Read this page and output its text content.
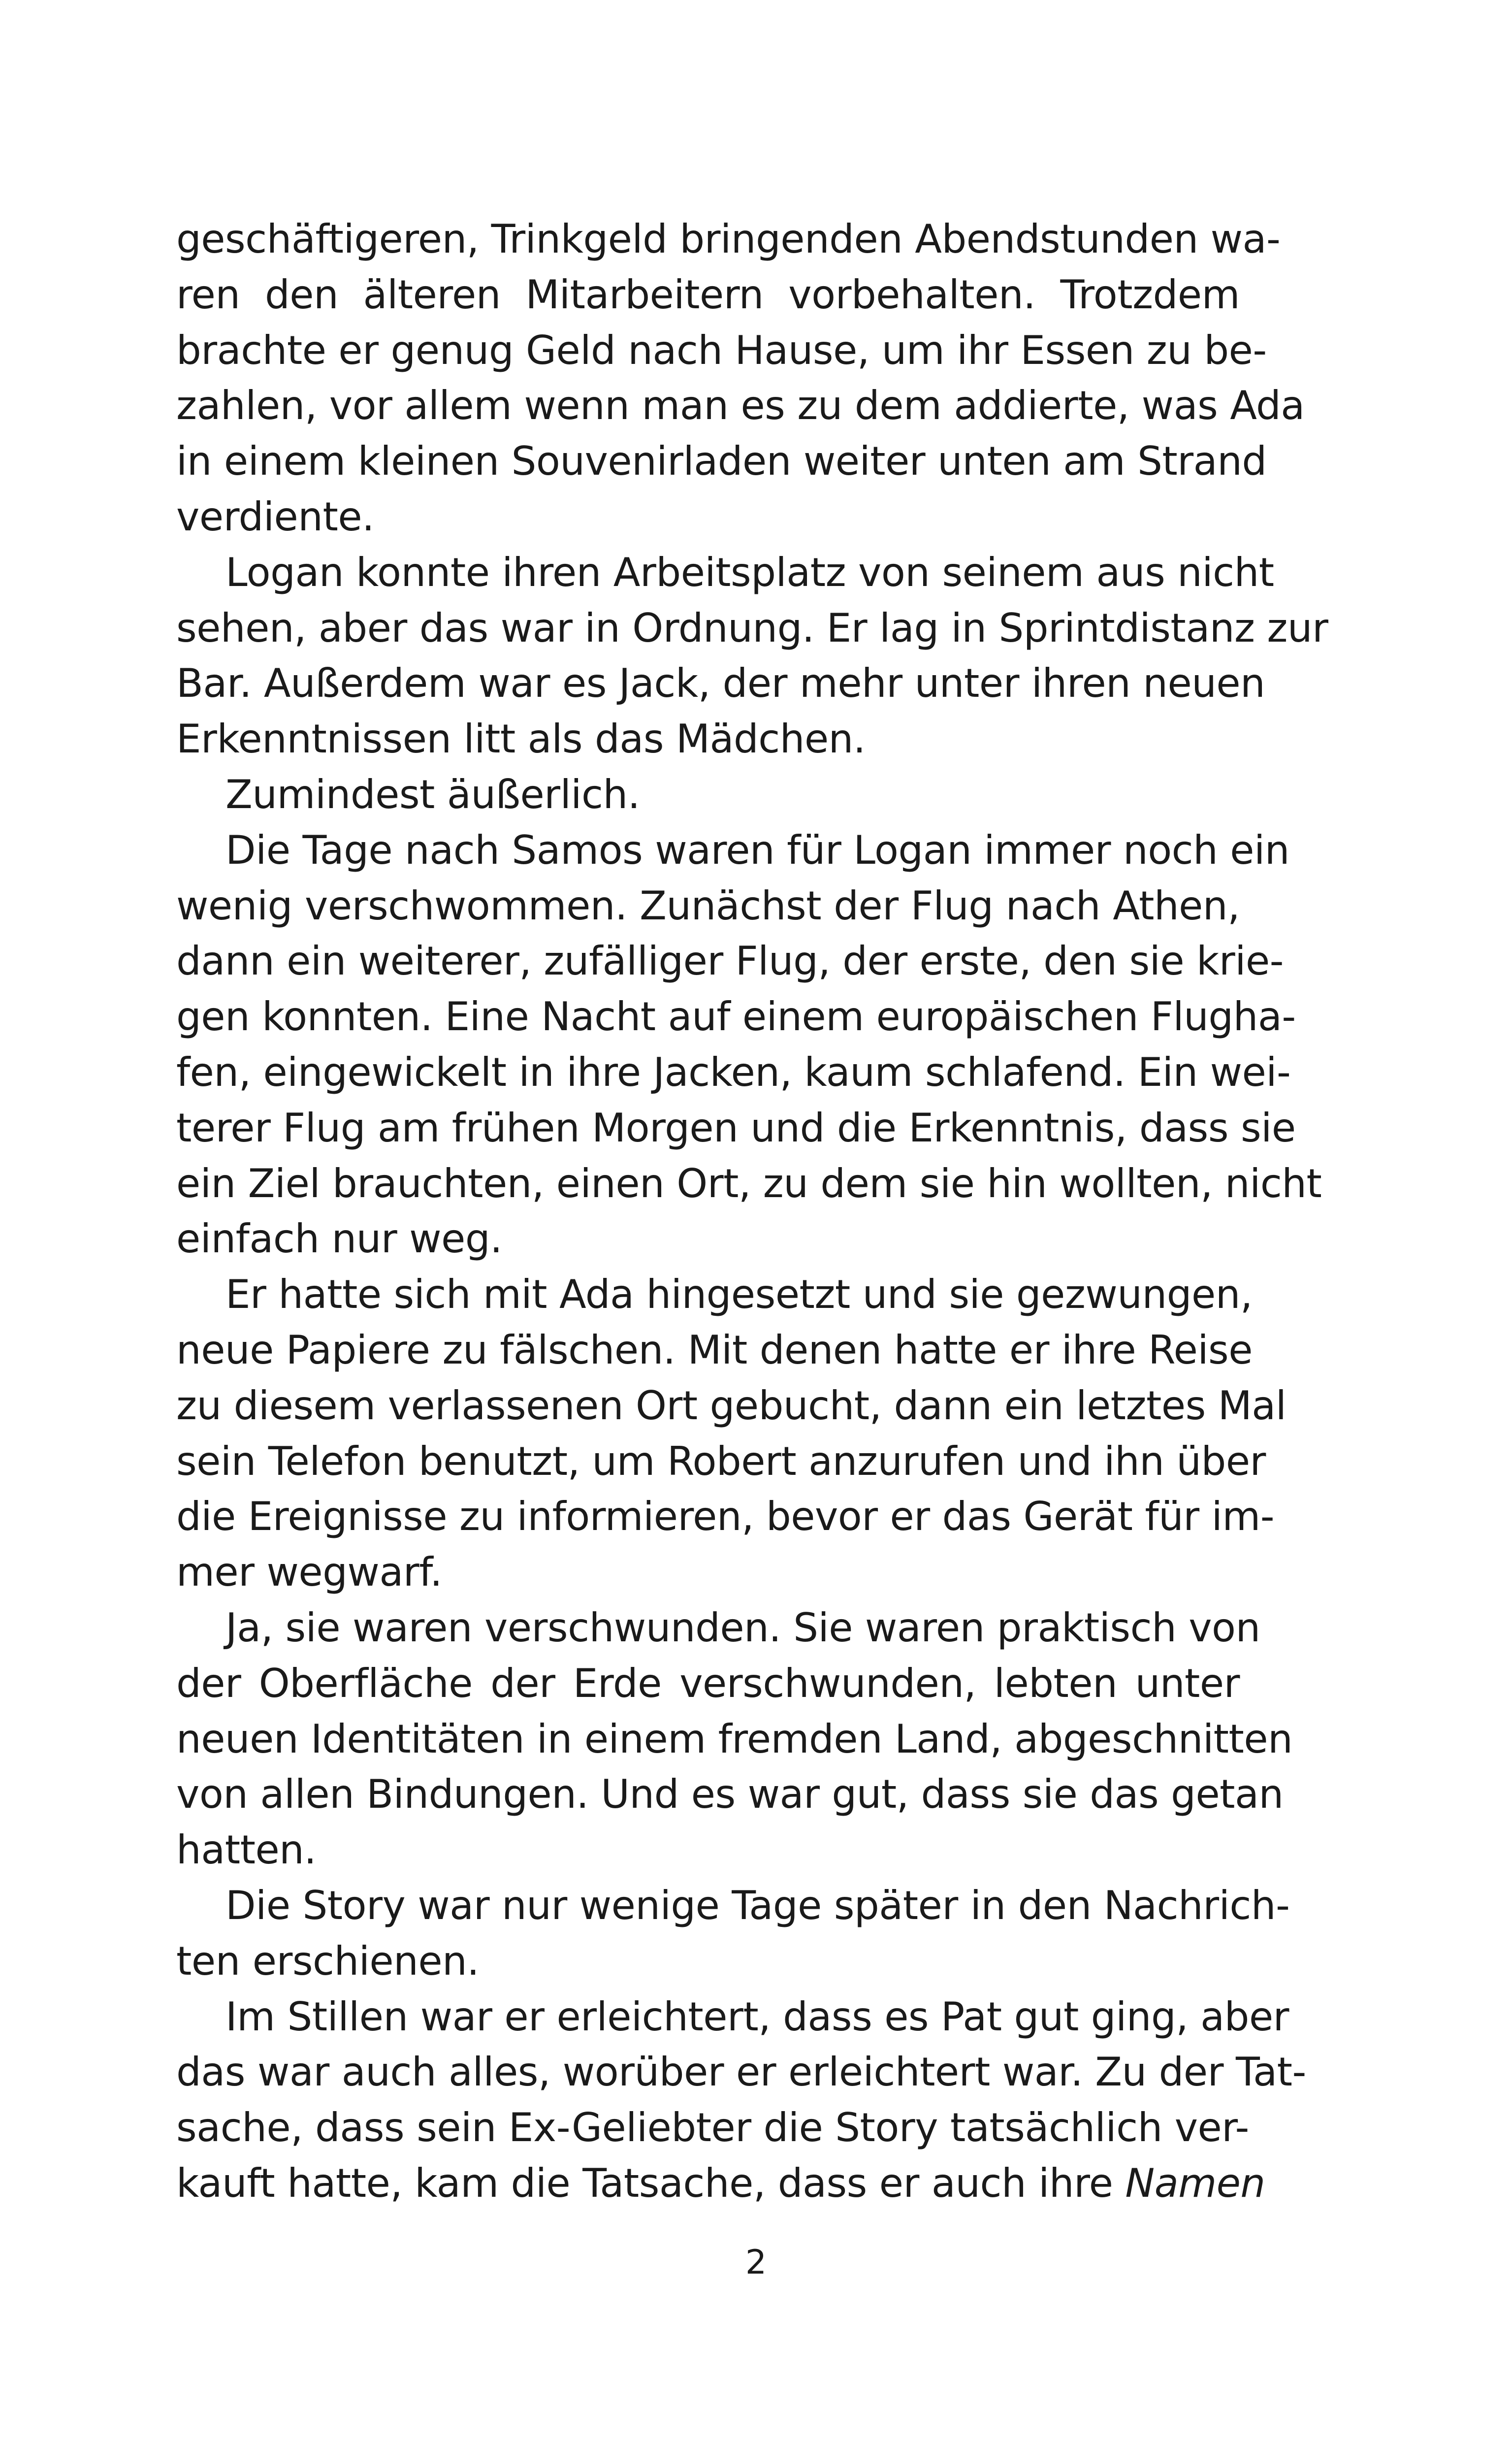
geschäftigeren, Trinkgeld bringenden Abendstunden wa-
ren den älteren Mitarbeitern vorbehalten. Trotzdem
brachte er genug Geld nach Hause, um ihr Essen zu be-
zahlen, vor allem wenn man es zu dem addierte, was Ada
in einem kleinen Souvenirladen weiter unten am Strand
verdiente.
Logan konnte ihren Arbeitsplatz von seinem aus nicht
sehen, aber das war in Ordnung. Er lag in Sprintdistanz zur
Bar. Außerdem war es Jack, der mehr unter ihren neuen
Erkenntnissen litt als das Mädchen.
Zumindest äußerlich.
Die Tage nach Samos waren für Logan immer noch ein
wenig verschwommen. Zunächst der Flug nach Athen,
dann ein weiterer, zufälliger Flug, der erste, den sie krie-
gen konnten. Eine Nacht auf einem europäischen Flugha-
fen, eingewickelt in ihre Jacken, kaum schlafend. Ein wei-
terer Flug am frühen Morgen und die Erkenntnis, dass sie
ein Ziel brauchten, einen Ort, zu dem sie hin wollten, nicht
einfach nur weg.
Er hatte sich mit Ada hingesetzt und sie gezwungen,
neue Papiere zu fälschen. Mit denen hatte er ihre Reise
zu diesem verlassenen Ort gebucht, dann ein letztes Mal
sein Telefon benutzt, um Robert anzurufen und ihn über
die Ereignisse zu informieren, bevor er das Gerät für im-
mer wegwarf.
Ja, sie waren verschwunden. Sie waren praktisch von
der Oberfläche der Erde verschwunden, lebten unter
neuen Identitäten in einem fremden Land, abgeschnitten
von allen Bindungen. Und es war gut, dass sie das getan
hatten.
Die Story war nur wenige Tage später in den Nachrich-
ten erschienen.
Im Stillen war er erleichtert, dass es Pat gut ging, aber
das war auch alles, worüber er erleichtert war. Zu der Tat-
sache, dass sein Ex-Geliebter die Story tatsächlich ver-
kauft hatte, kam die Tatsache, dass er auch ihre Namen
2
